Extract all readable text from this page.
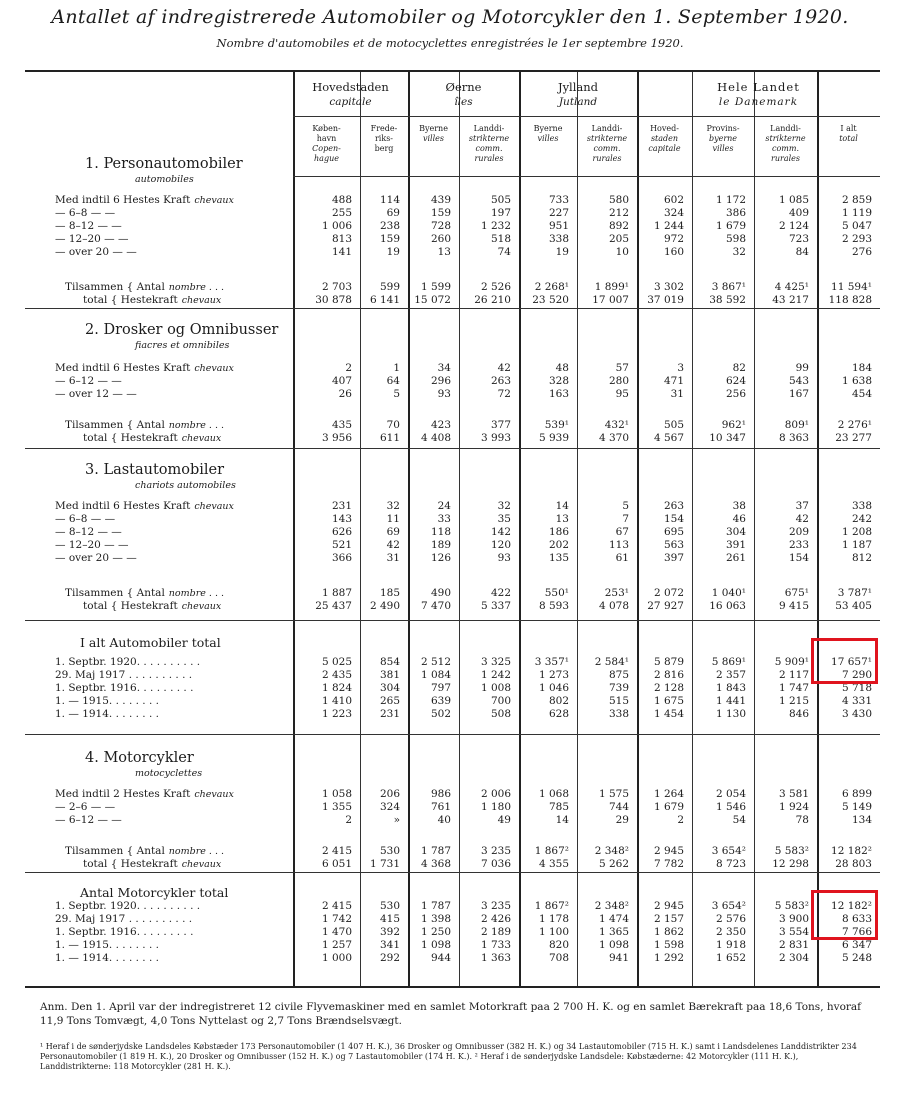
Antallet af indregistrerede Automobiler og Motorcykler den 1. September 1920.
Nombre d'automobiles et de motocyclettes enregistrées le 1er septembre 1920.
Hovedstaden
capitale
Øerne
îles
Jylland
Jutland
Hele Landet
le Danemark
Køben-
havn
Copen-
hague
Frede-
riks-
berg
Byerne
villes
Landdi-
strikterne
comm.
rurales
Byerne
villes
Landdi-
strikterne
comm.
rurales
Hoved-
staden
capitale
Provins-
byerne
villes
Landdi-
strikterne
comm.
rurales
I alt
total
1. Personautomobiler
automobiles
2. Drosker og Omnibusser
fiacres et omnibiles
3. Lastautomobiler
chariots automobiles
I alt Automobiler total
4. Motorcykler
motocyclettes
Antal Motorcykler total
Med indtil 6 Hestes Kraft chevaux	488	114	439	505	733	580	602	1 172	1 085	2 859
— 6–8 — —	255	69	159	197	227	212	324	386	409	1 119
— 8–12 — —	1 006	238	728	1 232	951	892	1 244	1 679	2 124	5 047
— 12–20 — —	813	159	260	518	338	205	972	598	723	2 293
— over 20 — —	141	19	13	74	19	10	160	32	84	276
Tilsammen { Antal nombre . . .	2 703	599	1 599	2 526	2 268¹	1 899¹	3 302	3 867¹	4 425¹	11 594¹
total { Hestekraft chevaux	30 878	6 141	15 072	26 210	23 520	17 007	37 019	38 592	43 217	118 828
Med indtil 6 Hestes Kraft chevaux	2	1	34	42	48	57	3	82	99	184
— 6–12 — —	407	64	296	263	328	280	471	624	543	1 638
— over 12 — —	26	5	93	72	163	95	31	256	167	454
Tilsammen { Antal nombre . . .	435	70	423	377	539¹	432¹	505	962¹	809¹	2 276¹
total { Hestekraft chevaux	3 956	611	4 408	3 993	5 939	4 370	4 567	10 347	8 363	23 277
Med indtil 6 Hestes Kraft chevaux	231	32	24	32	14	5	263	38	37	338
— 6–8 — —	143	11	33	35	13	7	154	46	42	242
— 8–12 — —	626	69	118	142	186	67	695	304	209	1 208
— 12–20 — —	521	42	189	120	202	113	563	391	233	1 187
— over 20 — —	366	31	126	93	135	61	397	261	154	812
Tilsammen { Antal nombre . . .	1 887	185	490	422	550¹	253¹	2 072	1 040¹	675¹	3 787¹
total { Hestekraft chevaux	25 437	2 490	7 470	5 337	8 593	4 078	27 927	16 063	9 415	53 405
1. Septbr. 1920. . . . . . . . . .	5 025	854	2 512	3 325	3 357¹	2 584¹	5 879	5 869¹	5 909¹	17 657¹
29. Maj 1917 . . . . . . . . . .	2 435	381	1 084	1 242	1 273	875	2 816	2 357	2 117	7 290
1. Septbr. 1916. . . . . . . . .	1 824	304	797	1 008	1 046	739	2 128	1 843	1 747	5 718
1. — 1915. . . . . . . .	1 410	265	639	700	802	515	1 675	1 441	1 215	4 331
1. — 1914. . . . . . . .	1 223	231	502	508	628	338	1 454	1 130	846	3 430
Med indtil 2 Hestes Kraft chevaux	1 058	206	986	2 006	1 068	1 575	1 264	2 054	3 581	6 899
— 2–6 — —	1 355	324	761	1 180	785	744	1 679	1 546	1 924	5 149
— 6–12 — —	2	»	40	49	14	29	2	54	78	134
Tilsammen { Antal nombre . . .	2 415	530	1 787	3 235	1 867²	2 348²	2 945	3 654²	5 583²	12 182²
total { Hestekraft chevaux	6 051	1 731	4 368	7 036	4 355	5 262	7 782	8 723	12 298	28 803
1. Septbr. 1920. . . . . . . . . .	2 415	530	1 787	3 235	1 867²	2 348²	2 945	3 654²	5 583²	12 182²
29. Maj 1917 . . . . . . . . . .	1 742	415	1 398	2 426	1 178	1 474	2 157	2 576	3 900	8 633
1. Septbr. 1916. . . . . . . . .	1 470	392	1 250	2 189	1 100	1 365	1 862	2 350	3 554	7 766
1. — 1915. . . . . . . .	1 257	341	1 098	1 733	820	1 098	1 598	1 918	2 831	6 347
1. — 1914. . . . . . . .	1 000	292	944	1 363	708	941	1 292	1 652	2 304	5 248
Anm. Den 1. April var der indregistreret 12 civile Flyvemaskiner med en samlet Motorkraft paa 2 700 H. K. og en samlet Bærekraft paa 18,6 Tons, hvoraf 11,9 Tons Tomvægt, 4,0 Tons Nyttelast og 2,7 Tons Brændselsvægt.
¹ Heraf i de sønderjydske Landsdeles Købstæder 173 Personautomobiler (1 407 H. K.), 36 Drosker og Omnibusser (382 H. K.) og 34 Lastautomobiler (715 H. K.) samt i Landsdelenes Landdistrikter 234 Personautomobiler (1 819 H. K.), 20 Drosker og Omnibusser (152 H. K.) og 7 Lastautomobiler (174 H. K.). ² Heraf i de sønderjydske Landsdele: Købstæderne: 42 Motorcykler (111 H. K.), Landdistrikterne: 118 Motorcykler (281 H. K.).
